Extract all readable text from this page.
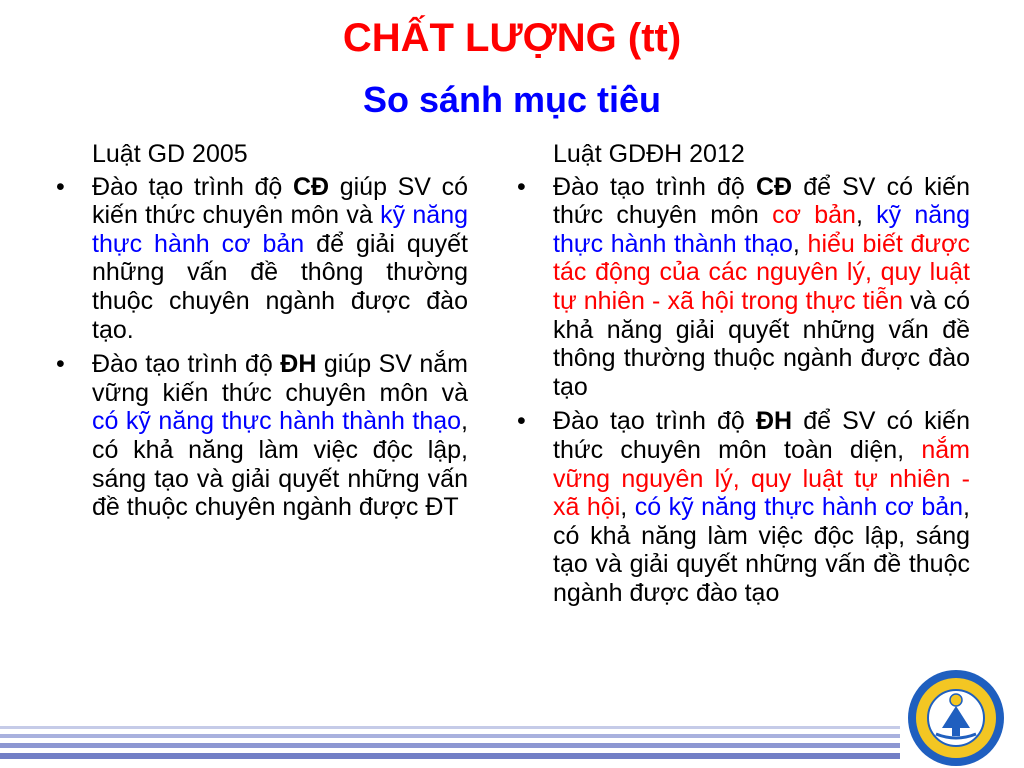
CHẤT LƯỢNG (tt)
So sánh mục tiêu
Luật GD 2005
• Đào tạo trình độ CĐ giúp SV có kiến thức chuyên môn và kỹ năng thực hành cơ bản để giải quyết những vấn đề thông thường thuộc chuyên ngành được đào tạo.
• Đào tạo trình độ ĐH giúp SV nắm vững kiến thức chuyên môn và có kỹ năng thực hành thành thạo, có khả năng làm việc độc lập, sáng tạo và giải quyết những vấn đề thuộc chuyên ngành được ĐT
Luật GDĐH 2012
• Đào tạo trình độ CĐ để SV có kiến thức chuyên môn cơ bản, kỹ năng thực hành thành thạo, hiểu biết được tác động của các nguyên lý, quy luật tự nhiên - xã hội trong thực tiễn và có khả năng giải quyết những vấn đề thông thường thuộc ngành được đào tạo
• Đào tạo trình độ ĐH để SV có kiến thức chuyên môn toàn diện, nắm vững nguyên lý, quy luật tự nhiên - xã hội, có kỹ năng thực hành cơ bản, có khả năng làm việc độc lập, sáng tạo và giải quyết những vấn đề thuộc ngành được đào tạo
